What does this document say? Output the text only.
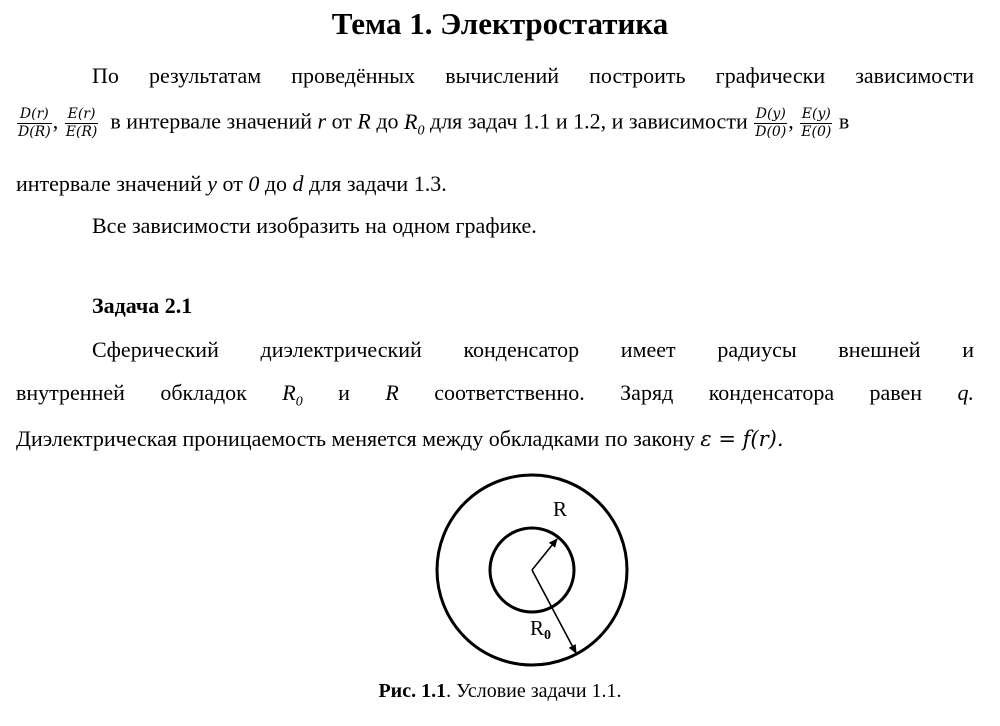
Тема 1. Электростатика
По результатам проведённых вычислений построить графически зависимости
$\frac{D(r)}{D(R)}$ , $\frac{E(r)}{E(R)}$ в интервале значений r от R до $R_0$ для задач 1.1 и 1.2, и зависимости $\frac{D(y)}{D(0)}$ , $\frac{E(y)}{E(0)}$ в
интервале значений y от 0 до d для задачи 1.3.
Все зависимости изобразить на одном графике.
Задача 2.1
Сферический диэлектрический конденсатор имеет радиусы внешней и
внутренней обкладок $R_0$ и R соответственно. Заряд конденсатора равен q.
Диэлектрическая проницаемость меняется между обкладками по закону ε = f(r).
R
R0
Рис. 1.1. Условие задачи 1.1.
